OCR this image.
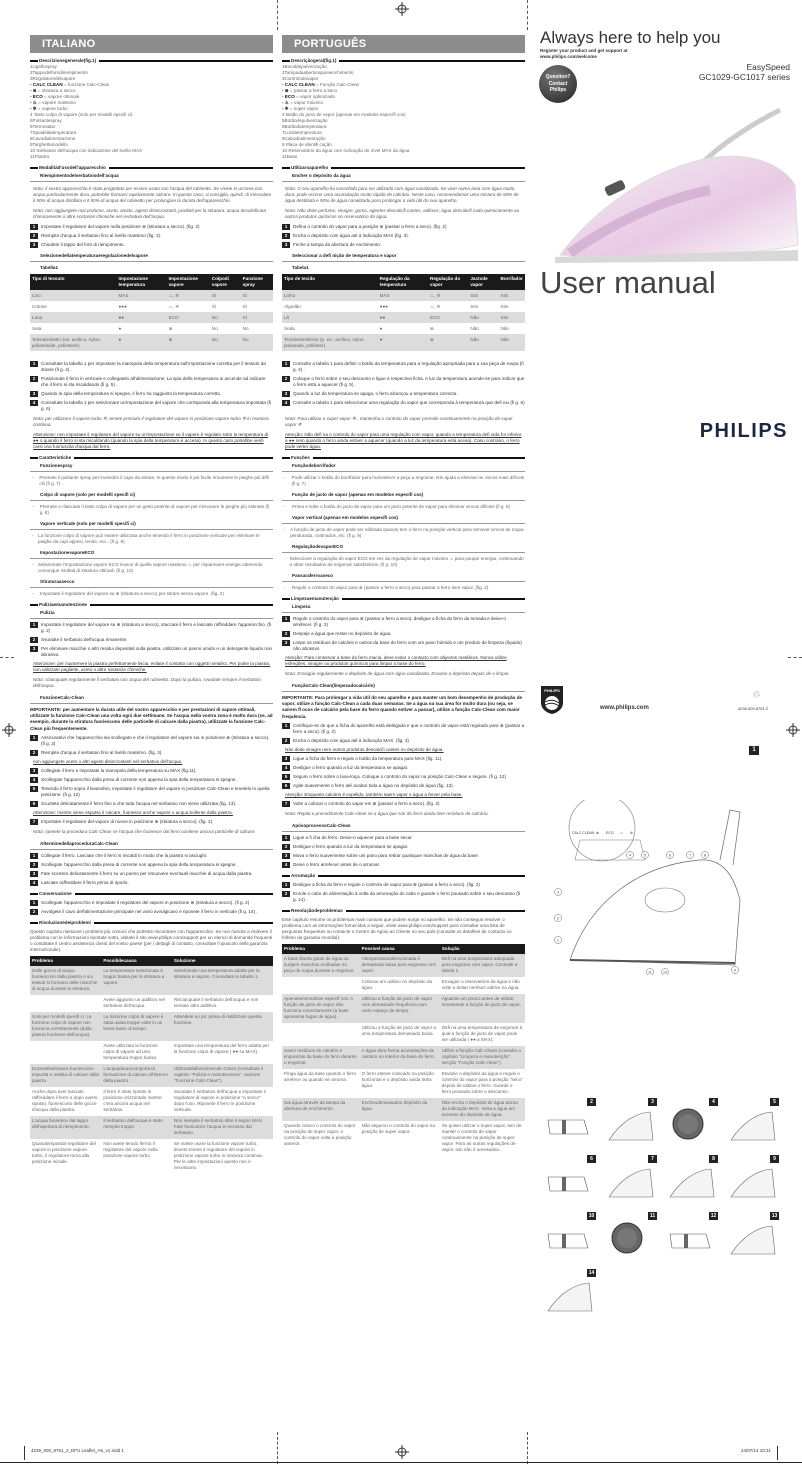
ITALIANO
Descrizionegenerale(fig.1)
1Ugellospray
2Tappodelforodiriempimento
3Regolatoredelvapore
- CALC CLEAN = funzione Calc-Clean
- ⊗ = stiratura a secco
- ECO = vapore ottimale
- ♨ = vapore massimo
- ✲ = vapore turbo
4 Tasto colpo di vapore (solo per modelli specifi ci)
5Pulsantespray
6Termostato
7Spiadellatemperatura
8Cavodialimentazione
9Targhettamodello
10 Serbatoio dell'acqua con indicazione del livello MAX
11Piastra
Modalitàd'usodell'apparecchio
Riempimentodelserbatoiodell'acqua
Nota: il vostro apparecchio è stato progettato per essere usato con l'acqua del rubinetto. Se vivete in un'area con acqua particolarmente dura, potrebbe formarsi rapidamente calcare. In questo caso, si consiglia, quindi, di mescolare il 50% di acqua distillata e il 50% di acqua del rubinetto per prolungare la durata dell'apparecchio.
Nota: non aggiungete mai profumo, aceto, amido, agenti disincrostanti, prodotti per la stiratura, acqua decalcificata chimicamente o altre sostanze chimiche nel serbatoio dell'acqua.
1	Impostate il regolatore del vapore nella posizione ⊗ (stiratura a secco). (fig. 2)
2	Riempite d'acqua il serbatoio fino al livello massimo (fig. 3).
3	Chiudete il tappo del foro di riempimento.
Selezionedellatemperaturaeregolazionedelvapore
Tabella1
Tipo di tessuto	Impostazione temperatura	Impostazione vapore	Colpodi vapore	Funzione spray
Lino	MAX	♨, ✲	Sì	Sì
Cotone	●●●	♨, ✲	Sì	Sì
Lana	●●	ECO	No	Sì
Seta	●	⊗	No	No
Tessutisintetici (es. acrilico, nylon, poliammide, poliestere)	●	⊗	No	No
1	Consultate la tabella 1 per impostare la manopola della temperatura sull'impostazione corretta per il tessuto da stirare (fi g. 4) .
2	Posizionate il ferro in verticale e collegatelo all'alimentazione. La spia della temperatura si accende ad indicare che il ferro si sta riscaldando (fi g. 5) .
3	Quando la spia della temperatura si spegne, il ferro ha raggiunto la temperatura corretta.
4	Consultate la tabella 1 per selezionare un'impostazione del vapore che corrisponda alla temperatura impostata (fi g. 6) .
Nota: per utilizzare il vapore turbo ✲, tenete premuto il regolatore del vapore in posizione vapore turbo ✲ in maniera continua.
Attenzione: non impostate il regolatore del vapore su un'impostazione se il vapore è regolato sotto la temperatura di ●● o quando il ferro si sta riscaldando (quando la spia della temperatura è accesa). In questo caso potrebbe verifi carsi una fuoriuscita d'acqua dal ferro.
Caratteristiche
Funzionespray
-	Premete il pulsante spray per inumidire il capo da stirare. In questo modo è più facile rimuovere le pieghe più diffi cili (fi g. 7) .
Colpo di vapore (solo per modelli specifi ci)
-	Premete e rilasciate il tasto colpo di vapore per un getto potente di vapore per rimuovere le pieghe più ostinate (fi g. 8) .
Vapore verticale (solo per modelli specifi ci)
- La funzione colpo di vapore può essere utilizzata anche tenendo il ferro in posizione verticale per eliminare le pieghe da capi appesi, tende, ecc.. (fi g. 9) .
ImpostazionevaporeECO
- Selezionate l'impostazione vapore ECO invece di quella vapore massimo ♨ per risparmiare energia ottenendo comunque risultati di stiratura ottimali. (fi g. 10)
Stiraturaasecco
-	Impostate il regolatore del vapore su ⊗ (stiratura a secco) per stirare senza vapore. (fig. 2)
Puliziaemanutenzione
Pulizia
1	Impostate il regolatore del vapore su ⊗ (stiratura a secco), staccate il ferro e lasciate raffreddare l'apparecchio. (fi g. 2)
2	Svuotate il serbatoio dell'acqua rimanente.
3	Per eliminare macchie o altri residui depositati sulla piastra, utilizzate un panno umido e un detergente liquido non abrasivo.
Attenzione: per mantenere la piastra perfettamente liscia, evitate il contatto con oggetti metallici. Per pulire la piastra, non utilizzate pagliette, aceto o altre sostanze chimiche.
Nota: sciacquate regolarmente il serbatoio con acqua del rubinetto. Dopo la pulizia, svuotate sempre il serbatoio dell'acqua.
FunzioneCalc-Clean
IMPORTANTE: per aumentare la durata utile del vostro apparecchio e per prestazioni di vapore ottimali, utilizzate la funzione Calc-Clean una volta ogni due settimane. Se l'acqua nella vostra zona è molto dura (se, ad esempio, durante la stiratura fuoriescono delle particelle di calcare dalla piastra), utilizzate la funzione Calc-Clean più frequentemente.
1	Assicuratevi che l'apparecchio sia scollegato e che il regolatore del vapore sia in posizione ⊗ (stiratura a secco). (fi g. 2)
2	Riempite d'acqua il serbatoio fino al livello massimo. (fig. 3)
non aggiungete aceto o altri agenti disincrostanti nel serbatoio dell'acqua.
3	Collegate il ferro e impostate la manopola della temperatura su MAX (fig.11).
4	Scollegate l'apparecchio dalla presa di corrente non appena la spia della temperatura si spegne.
5	Tenendo il ferro sopra il lavandino, impostate il regolatore del vapore in posizione Calc-Clean e tenetelo in quella posizione. (fi g. 12)
6	Scuotete delicatamente il ferro fino a che tutta l'acqua nel serbatoio non viene utilizzata (fig. 13).
Attenzione: mentre viene espulso il calcare, fuoriesce anche vapore o acqua bollente dalla piastra.
7	Impostate il regolatore del vapore di nuovo in posizione ⊗ (stiratura a secco). (fig. 2)
Nota: ripetete la procedura Calc-Clean se l'acqua che fuoriesce dal ferro contiene ancora particelle di calcare.
AlterminedellaproceduraCalc-Clean
1	Collegate il ferro. Lasciate che il ferro si riscaldi in modo che la piastra si asciughi.
2	Scollegate l'apparecchio dalla presa di corrente non appena la spia della temperatura si spegne.
3	Fate scorrere delicatamente il ferro su un panno per rimuovere eventuali macchie di acqua dalla piastra.
4	Lasciate raffreddare il ferro prima di riporlo.
Conservazione
1	Scollegate l'apparecchio e impostate il regolatore del vapore in posizione ⊗ (stiratura a secco). (fi g. 2)
2	Avvolgete il cavo dell'alimentazione principale nel vano avvolgicavo e riponete il ferro in verticale (fi g. 14) .
Risoluzionedeiproblemi
Questo capitolo riassume i problemi più comuni che potreste riscontrare con l'apparecchio. Se non riuscite a risolvere il problema con le informazioni riportate sotto, visitate il sito www.philips.com/support per un elenco di domande frequenti o contattate il centro assistenza clienti del vostro paese (per i dettagli di contatto, consultate l'opuscolo della garanzia internazionale).
Problema	Possibilecausa	Soluzione
Delle gocce di acqua fuoriescono dalla piastra o sui tessuti si formano delle macchie di acqua durante la stiratura.	La temperatura selezionata è troppo bassa per la stiratura a vapore.	Selezionate una temperatura adatta per la stiratura a vapore. Consultate la tabella 1.
	Avete aggiunto un additivo nel serbatoio dell'acqua.	Risciacquate il serbatoio dell'acqua e non versate altro additivo.
Solo per modelli specifi ci: La funzione colpo di vapore non funziona correttamente (dalla piastra fuoriesce dell'acqua).	La funzione colpo di vapore è stata usata troppe volte in un breve lasso di tempo.	Attendete un po' prima di riutilizzare questa funzione.
	Avete utilizzato la funzione colpo di vapore ad una temperatura troppo bassa.	Impostate una temperatura del ferro adatta per la funzione colpo di vapore ( ●● su MAX).
Durantelastiratura fuoriescono impurità e residui di calcare dalla piastra.	L'acquadurancomporta la formazione di calcare all'interno della piastra.	UtilizzatelafunzioneCalc-Clean (consultate il capitolo "Pulizia e manutenzione", sezione "Funzione Calc-Clean").
Anche dopo aver lasciato raffreddare il ferro o dopo averlo riposto, fuoriescono delle gocce d'acqua dalla piastra.	Il ferro è stato riposto in posizione orizzontale mentre c'era ancora acqua nel serbatoio.	Svuotate il serbatoio dell'acqua e impostate il regolatore di vapore in posizione "a secco" dopo l'uso. Riponete il ferro in posizione verticale.
L'acqua fuoriesce dal tappo dell'apertura di riempimento.	Il serbatoio dell'acqua è stato riempito troppo.	Non riempite il serbatoio oltre il segno MAX. Fate fuoriuscire l'acqua in eccesso dal serbatoio.
Quandoimpostoil regolatore del vapore in posizione vapore turbo, il regolatore torna alla posizione iniziale.	Non avete tenuto fermo il regolatore del vapore nella posizione vapore turbo.	Se volete usare la funzione vapore turbo, dovete tenere il regolatore del vapore in posizione vapore turbo in maniera continua. Per le altre impostazioni questo non è necessario.
PORTUGUÊS
Descriçãogeral(fig.1)
1Bocaldepulverização
2Tampadaaberturaparaenchimento
3Controlodovapor
- CALC CLEAN = Função Calc-Clean
- ⊗ = passar a ferro a seco
- ECO = vapor optimizado
- ♨ = vapor máximo
- ✲ = super vapor
4 Botão do jacto de vapor (apenas em modelos específi cos)
5Botãodepulverização
6Botãodatemperatura
7Luzdatemperatura
8Cabodealimentação
9 Placa de identifi cação
10 Reservatório da água com indicação do nível MAX da água
11Base
Utilizaroaparelho
Encher o depósito da água
Nota: O seu aparelho foi concebido para ser utilizado com água canalizada. Se viver numa área com água muito dura, pode ocorrer uma acumulação muito rápida de calcário. Neste caso, recomendamos uma mistura de 50% de água destilada e 50% de água canalizada para prolongar a vida útil do seu aparelho.
Nota: Não deite perfume, vinagre, goma, agentes descalcifi cantes, aditivos, água descalcifi cada quimicamente ou outros produtos químicos no reservatório da água.
1	Defina o controlo do vapor para a posição ⊗ (passar a ferro a seco). (fig. 2)
2	Encha o depósito com água até à indicação MAX (fig. 3).
3	Feche a tampa da abertura de enchimento.
Seleccionar a defi nição de temperatura e vapor
Tabela1
Tipo de tecido	Regulação da temperatura	Regulação do vapor	Jactode vapor	Borrifador
Linho	MÁX	♨, ✲	Sim	Sim
Algodão	●●●	♨, ✲	Sim	Sim
Lã	●●	ECO	Não	Sim
Seda	●	⊗	Não	Não
Tecidossintéticos (p. ex.: acrílico, nylon, poliamida, poliéster).	●	⊗	Não	Não
1	Consulte a tabela 1 para definir o botão da temperatura para a regulação apropriada para a sua peça de roupa (fi g. 4) .
2	Coloque o ferro sobre o seu descanso e ligue a respectiva ficha. A luz da temperatura acende-se para indicar que o ferro está a aquecer (fi g. 5) .
3	Quando a luz da temperatura se apaga, o ferro alcançou a temperatura correcta.
4	Consulte a tabela 1 para seleccionar uma regulação do vapor que corresponda à temperatura que defi niu (fi g. 6) .
Nota: Para utilizar o super vapor ✲ , mantenha o controlo do vapor premido continuamente na posição de super vapor ✲
Atenção: Não defi na o controlo do vapor para uma regulação com vapor, quando a temperatura defi nida for inferior a ●● nem quando o ferro ainda estiver a aquecer (quando a luz da temperatura está acesa). Caso contrário, o ferro pode verter água.
Funções
Funçãodeborrifador
-	Pode utilizar o botão do borrifador para humedecer a peça a engomar. Isto ajuda a eliminar os vincos mais difíceis (fi g. 7) .
Função de jacto de vapor (apenas em modelos específi cos)
-	Prima e solte o botão do jacto de vapor para um jacto potente de vapor para eliminar vincos difíceis (fi g. 8) .
Vapor vertical (apenas em modelos específi cos)
- A função de jacto de vapor pode ser utilizada quando tem o ferro na posição vertical para remover vincos de roupa pendurada, cortinados, etc. (fi g. 9) .
RegulaçãodevaporECO
- Seleccione a regulação do vapor ECO em vez da regulação de vapor máximo ♨ para poupar energia, continuando a obter resultados de engomar satisfatórios. (fi g. 10)
Passaraferroaseco
-	Regule o controlo do vapor para ⊗ (passar a ferro a seco) para passar a ferro sem vapor. (fig. 2)
Limpezaemanutenção
Limpeza
1	Regule o controlo do vapor para ⊗ (passar a ferro a seco), desligue a ficha do ferro da tomada e deixe-o arrefecer. (fi g. 2)
2	Despeje a água que restar no depósito de água.
3	Limpe os resíduos de calcário e outros da base do ferro com um pano húmido e um produto de limpeza (líquido) não abrasivo.
Atenção: Para conservar a base do ferro macia, deve evitar o contacto com objectos metálicos. Nunca utilize esfregões, vinagre ou produtos químicos para limpar a base do ferro.
Nota: Enxagúe regularmente o depósito de água com água canalizada. Esvazie o depósito depois de o limpar.
FunçãoCalc-Clean(limpezadocalcário)
IMPORTANTE: Para prolongar a vida útil do seu aparelho e para manter um bom desempenho de produção de vapor, utilize a função Calc-Clean a cada duas semanas. Se a água na sua área for muito dura (ou seja, se saírem fl ocos de calcário pela base do ferro quando estiver a passar), utilize a função Calc-Clean com maior frequência.
1	Certifique-se de que a ficha do aparelho está desligada e que o controlo de vapor está regulado para ⊗ (passar a ferro a seco). (fi g. 2)
2	Encha o depósito com água até à indicação MAX. (fig. 3)
Não deite vinagre nem outros produtos descalcifi cantes no depósito de água.
3	Ligue a ficha do ferro e regule o botão da temperatura para MAX (fig. 11).
4	Desligue o ferro quando a luz da temperatura se apagar.
5	Segure o ferro sobre o lava-loiça. Coloque o controlo do vapor na posição Calc-Clean e segure. (fi g. 12)
6	Agite suavemente o ferro até acabar toda a água no depósito de água (fig. 13).
Atenção: Enquanto calcário é expelido, também saem vapor e água a ferver pela base.
7	Volte a colocar o controlo do vapor em ⊗ (passar a ferro a seco). (fig. 2)
Nota: Repita o procedimento Calc-clean se a água que sair do ferro ainda tiver resíduos de calcário.
ApósoprocessoCalc-Clean
1	Ligue a fi cha do ferro. Deixe-o aquecer para a base secar.
2	Desligue o ferro quando a luz da temperatura se apagar.
3	Mova o ferro suavemente sobre um pano para retirar quaisquer manchas de água da base.
4	Deixe o ferro arrefecer antes de o arrumar.
Arrumação
1	Desligue a ficha do ferro e regule o controlo de vapor para ⊗ (passar a ferro a seco). (fig. 2)
2	Enrole o cabo de alimentação à volta da arrumação do cabo e guarde o ferro pousado sobre o seu descanso (fi g. 14) .
Resoluçãodeproblemas
Este capítulo resume os problemas mais comuns que podem surgir no aparelho. Se não conseguir resolver o problema com as informações fornecidas a seguir, visite www.philips.com/support para consultar uma lista de perguntas frequentes ou contacte o Centro de Apoio ao Cliente no seu país (consulte os detalhes de contacto no folheto da garantia mundial).
Problema	Possível causa	Solução
A base liberta gotas de água ou surgem manchas molhadas na peça de roupa durante o engomar.	Atemperaturaseleccionada é demasiado baixa para engomar com vapor.	Defi na uma temperatura adequada para engomar com vapor. Consulte a tabela 1.
	Colocou um aditivo no depósito da água.	Enxagúe o reservatório da água e não volte a deitar nenhum aditivo na água.
Apenasemmodelos específ cos: A função de jacto de vapor não funciona correctamente (a base apresenta fugas de água).	Utilizou a função de jacto de vapor com demasiada frequência num curto espaço de tempo.	Aguarde um pouco antes de utilizar novamente a função de jacto de vapor.
	Utilizou a função de jacto de vapor a uma temperatura demasiado baixa.	Defi na uma temperatura de engomar à qual a função de jacto de vapor pode ser utilizada ( ●● a MAX).
Saem resíduos de calcário e impurezas da base do ferro durante o engomar.	A água dura forma acumulações de calcário no interior da base do ferro.	Utilize a função Calc-Clean (consulte o capítulo "Limpeza e manutenção", secção "Função Calc-clean").
Pinga água da base quando o ferro arrefece ou quando se arruma.	O ferro esteve colocado na posição horizontal e o depósito ainda tinha água.	Esvazie o depósito da água e regule o controlo do vapor para a posição "seco" depois de utilizar o ferro. Guarde o ferro pousado sobre o descanso.
Sai água através da tampa da abertura de enchimento.	Encheudemasiadoo depósito da água.	Não encha o depósito de água acima da indicação MAX. Verta a água em excesso do depósito de água.
Quando coloco o controlo do vapor na posição de super vapor, o controlo do vapor volta à posição anterior.	Não segurou o controlo do vapor na posição de super vapor.	Se quiser utilizar o super vapor, tem de manter o controlo de vapor continuamente na posição de super vapor. Para as outras regulações de vapor, isto não é necessário.
Always here to help you
Register your product and get support at
www.philips.com/welcome
Question?
Contact
Philips
EasySpeed
GC1029-GC1017 series
User manual
PHILIPS
PHILIPS
www.philips.com
♲
4239.000.8751.2
1
CALC CLEAN ⊗ ECO ♨ ✲
1
2
3
4	5	6	7	8
9
10
11
2	3	4	5
6	7	8	9
10	11	12	13
14
4239_000_8751_2_DFU Leaflet_A6_v1.indd 1	24/07/14 10:31
